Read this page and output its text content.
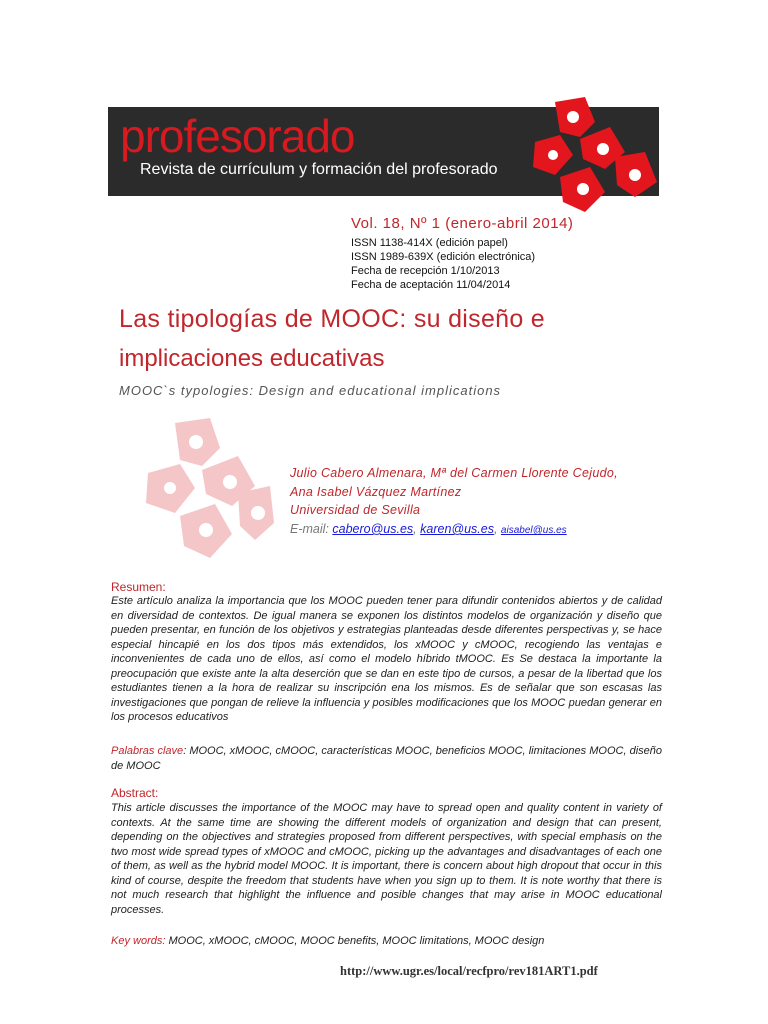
profesorado
Revista de currículum y formación del profesorado
Vol. 18, Nº 1 (enero-abril 2014)
ISSN 1138-414X (edición papel)
ISSN 1989-639X (edición electrónica)
Fecha de recepción 1/10/2013
Fecha de aceptación 11/04/2014
Las tipologías de MOOC: su diseño e
implicaciones educativas
MOOC`s typologies: Design and educational implications
Julio Cabero Almenara, Mª del Carmen Llorente Cejudo,
Ana Isabel Vázquez Martínez
Universidad de Sevilla
E-mail: cabero@us.es, karen@us.es, aisabel@us.es
Resumen:
Este artículo analiza la importancia que los MOOC pueden tener para difundir contenidos abiertos y de calidad en diversidad de contextos. De igual manera se exponen los distintos modelos de organización y diseño que pueden presentar, en función de los objetivos y estrategias planteadas desde diferentes perspectivas y, se hace especial hincapié en los dos tipos más extendidos, los xMOOC y cMOOC, recogiendo las ventajas e inconvenientes de cada uno de ellos, así como el modelo híbrido tMOOC. Es Se destaca la importante la preocupación que existe ante la alta deserción que se dan en este tipo de cursos, a pesar de la libertad que los estudiantes tienen a la hora de realizar su inscripción ena los mismos. Es de señalar que son escasas las investigaciones que pongan de relieve la influencia y posibles modificaciones que los MOOC puedan generar en los procesos educativos
Palabras clave: MOOC, xMOOC, cMOOC, características MOOC, beneficios MOOC, limitaciones MOOC, diseño de MOOC
Abstract:
This article discusses the importance of the MOOC may have to spread open and quality content in variety of contexts. At the same time are showing the different models of organization and design that can present, depending on the objectives and strategies proposed from different perspectives, with special emphasis on the two most wide spread types of xMOOC and cMOOC, picking up the advantages and disadvantages of each one of them, as well as the hybrid model MOOC. It is important, there is concern about high dropout that occur in this kind of course, despite the freedom that students have when you sign up to them. It is note worthy that there is not much research that highlight the influence and posible changes that may arise in MOOC educational processes.
Key words: MOOC, xMOOC, cMOOC, MOOC benefits, MOOC limitations, MOOC design
http://www.ugr.es/local/recfpro/rev181ART1.pdf
